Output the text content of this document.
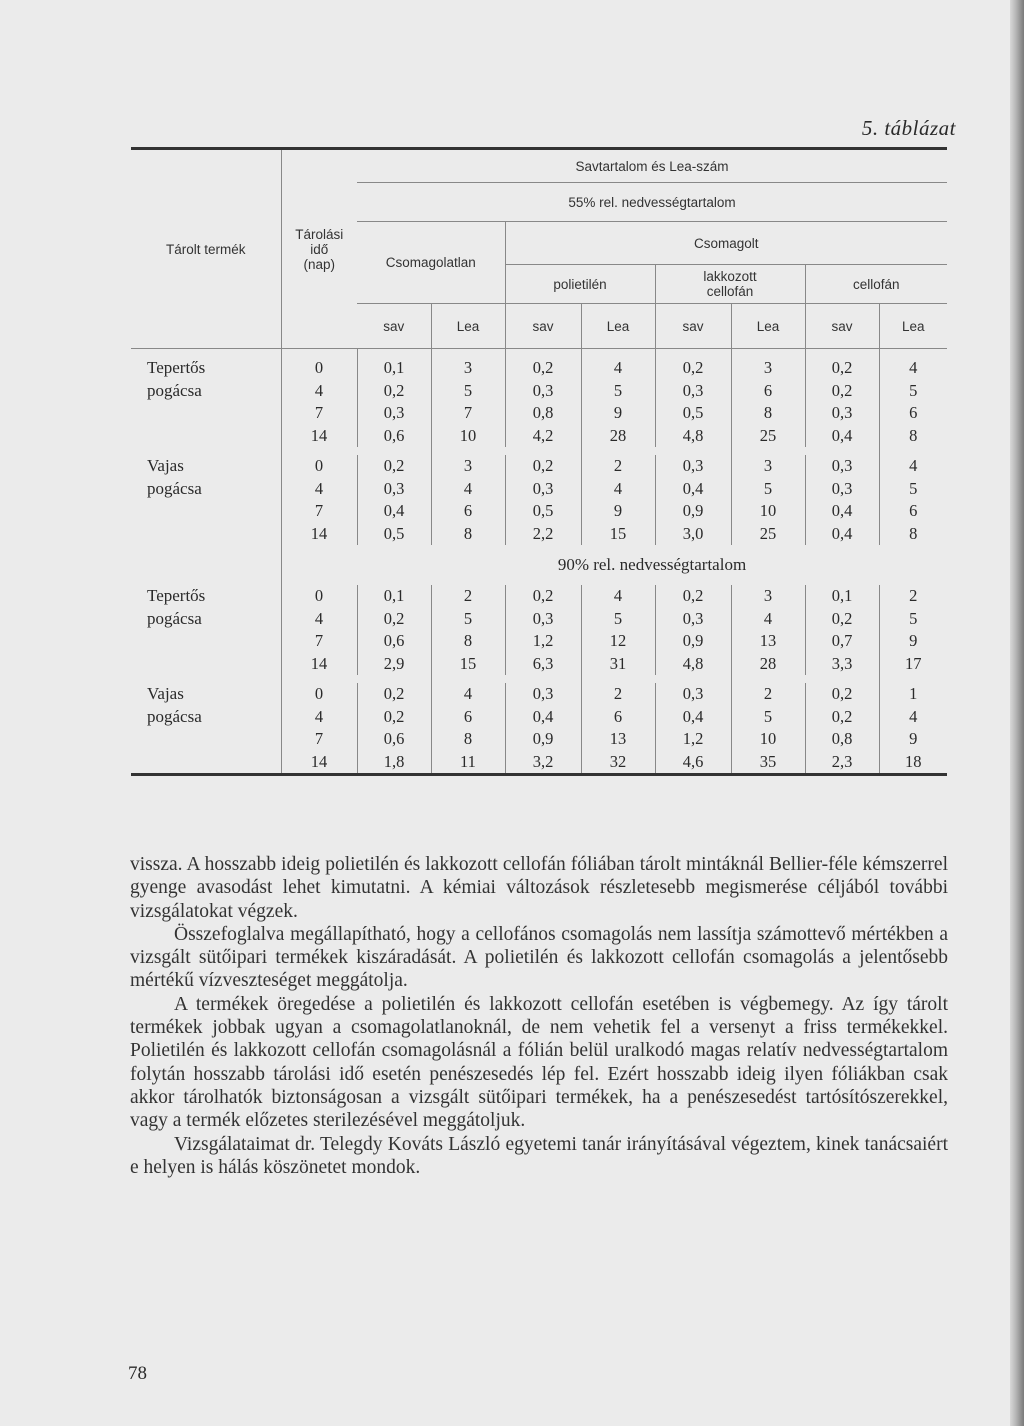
5. táblázat
Tárolt termék	Tárolási
idő
(nap)	Savtartalom és Lea-szám							
		55% rel. nedvességtartalom							
		Csomagolatlan		Csomagolt					
				polietilén		lakkozott
cellofán		cellofán	
		sav	Lea	sav	Lea	sav	Lea	sav	Lea
Tepertős	0	0,1	3	0,2	4	0,2	3	0,2	4
pogácsa	4	0,2	5	0,3	5	0,3	6	0,2	5
	7	0,3	7	0,8	9	0,5	8	0,3	6
	14	0,6	10	4,2	28	4,8	25	0,4	8

Vajas	0	0,2	3	0,2	2	0,3	3	0,3	4
pogácsa	4	0,3	4	0,3	4	0,4	5	0,3	5
	7	0,4	6	0,5	9	0,9	10	0,4	6
	14	0,5	8	2,2	15	3,0	25	0,4	8
		90% rel. nedvességtartalom							
Tepertős	0	0,1	2	0,2	4	0,2	3	0,1	2
pogácsa	4	0,2	5	0,3	5	0,3	4	0,2	5
	7	0,6	8	1,2	12	0,9	13	0,7	9
	14	2,9	15	6,3	31	4,8	28	3,3	17

Vajas	0	0,2	4	0,3	2	0,3	2	0,2	1
pogácsa	4	0,2	6	0,4	6	0,4	5	0,2	4
	7	0,6	8	0,9	13	1,2	10	0,8	9
	14	1,8	11	3,2	32	4,6	35	2,3	18

vissza. A hosszabb ideig polietilén és lakkozott cellofán fóliában tárolt mintáknál Bellier-féle kémszerrel gyenge avasodást lehet kimutatni. A kémiai változások részletesebb megismerése céljából további vizsgálatokat végzek.

Összefoglalva megállapítható, hogy a cellofános csomagolás nem lassítja számottevő mértékben a vizsgált sütőipari termékek kiszáradását. A polietilén és lakkozott cellofán csomagolás a jelentősebb mértékű vízveszteséget meggátolja.

A termékek öregedése a polietilén és lakkozott cellofán esetében is végbemegy. Az így tárolt termékek jobbak ugyan a csomagolatlanoknál, de nem vehetik fel a versenyt a friss termékekkel. Polietilén és lakkozott cellofán csomagolásnál a fólián belül uralkodó magas relatív nedvességtartalom folytán hosszabb tárolási idő esetén penészesedés lép fel. Ezért hosszabb ideig ilyen fóliákban csak akkor tárolhatók biztonságosan a vizsgált sütőipari termékek, ha a penészesedést tartósítószerekkel, vagy a termék előzetes sterilezésével meggátoljuk.

Vizsgálataimat dr. Telegdy Kováts László egyetemi tanár irányításával végeztem, kinek tanácsaiért e helyen is hálás köszönetet mondok.

78
